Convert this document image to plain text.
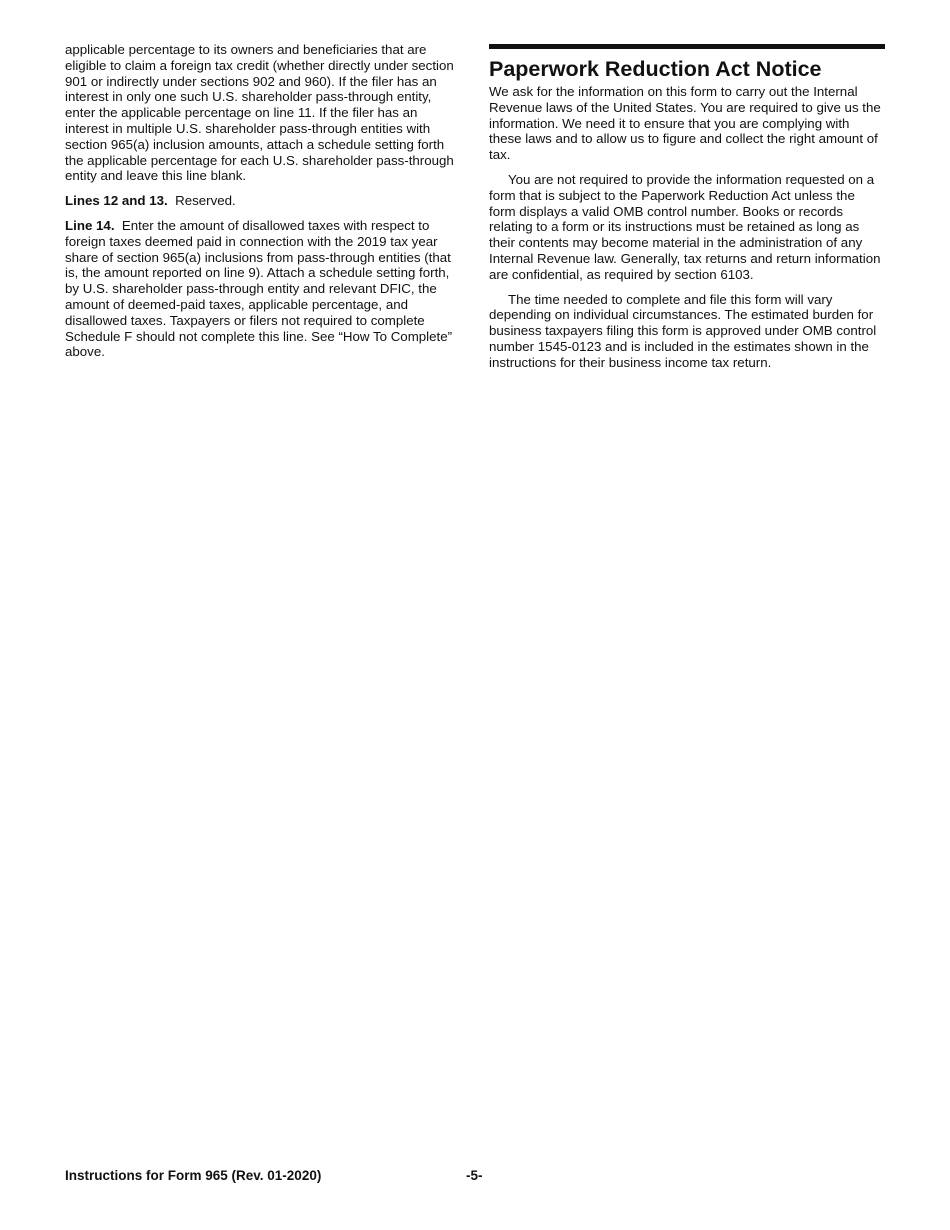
applicable percentage to its owners and beneficiaries that are eligible to claim a foreign tax credit (whether directly under section 901 or indirectly under sections 902 and 960). If the filer has an interest in only one such U.S. shareholder pass-through entity, enter the applicable percentage on line 11. If the filer has an interest in multiple U.S. shareholder pass-through entities with section 965(a) inclusion amounts, attach a schedule setting forth the applicable percentage for each U.S. shareholder pass-through entity and leave this line blank.

Lines 12 and 13. Reserved.

Line 14. Enter the amount of disallowed taxes with respect to foreign taxes deemed paid in connection with the 2019 tax year share of section 965(a) inclusions from pass-through entities (that is, the amount reported on line 9). Attach a schedule setting forth, by U.S. shareholder pass-through entity and relevant DFIC, the amount of deemed-paid taxes, applicable percentage, and disallowed taxes. Taxpayers or filers not required to complete Schedule F should not complete this line. See “How To Complete” above.

Paperwork Reduction Act Notice

We ask for the information on this form to carry out the Internal Revenue laws of the United States. You are required to give us the information. We need it to ensure that you are complying with these laws and to allow us to figure and collect the right amount of tax.

You are not required to provide the information requested on a form that is subject to the Paperwork Reduction Act unless the form displays a valid OMB control number. Books or records relating to a form or its instructions must be retained as long as their contents may become material in the administration of any Internal Revenue law. Generally, tax returns and return information are confidential, as required by section 6103.

The time needed to complete and file this form will vary depending on individual circumstances. The estimated burden for business taxpayers filing this form is approved under OMB control number 1545-0123 and is included in the estimates shown in the instructions for their business income tax return.

Instructions for Form 965 (Rev. 01-2020)	-5-
